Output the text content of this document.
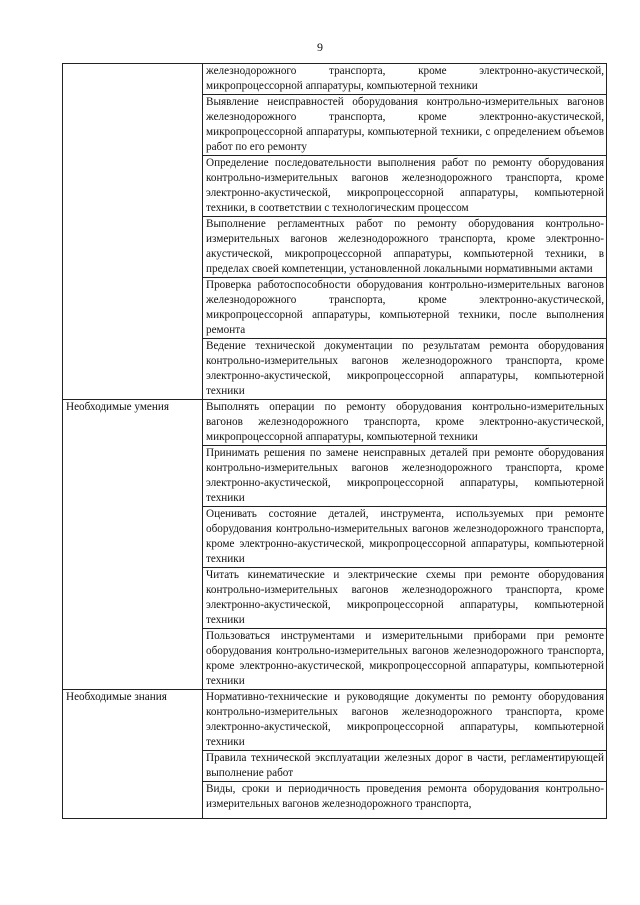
9
	железнодорожного транспорта, кроме электронно-акустической, микропроцессорной аппаратуры, компьютерной техники
	Выявление неисправностей оборудования контрольно-измерительных вагонов железнодорожного транспорта, кроме электронно-акустической, микропроцессорной аппаратуры, компьютерной техники, с определением объемов работ по его ремонту
	Определение последовательности выполнения работ по ремонту оборудования контрольно-измерительных вагонов железнодорожного транспорта, кроме электронно-акустической, микропроцессорной аппаратуры, компьютерной техники, в соответствии с технологическим процессом
	Выполнение регламентных работ по ремонту оборудования контрольно-измерительных вагонов железнодорожного транспорта, кроме электронно-акустической, микропроцессорной аппаратуры, компьютерной техники, в пределах своей компетенции, установленной локальными нормативными актами
	Проверка работоспособности оборудования контрольно-измерительных вагонов железнодорожного транспорта, кроме электронно-акустической, микропроцессорной аппаратуры, компьютерной техники, после выполнения ремонта
	Ведение технической документации по результатам ремонта оборудования контрольно-измерительных вагонов железнодорожного транспорта, кроме электронно-акустической, микропроцессорной аппаратуры, компьютерной техники
Необходимые умения	Выполнять операции по ремонту оборудования контрольно-измерительных вагонов железнодорожного транспорта, кроме электронно-акустической, микропроцессорной аппаратуры, компьютерной техники
	Принимать решения по замене неисправных деталей при ремонте оборудования контрольно-измерительных вагонов железнодорожного транспорта, кроме электронно-акустической, микропроцессорной аппаратуры, компьютерной техники
	Оценивать состояние деталей, инструмента, используемых при ремонте оборудования контрольно-измерительных вагонов железнодорожного транспорта, кроме электронно-акустической, микропроцессорной аппаратуры, компьютерной техники
	Читать кинематические и электрические схемы при ремонте оборудования контрольно-измерительных вагонов железнодорожного транспорта, кроме электронно-акустической, микропроцессорной аппаратуры, компьютерной техники
	Пользоваться инструментами и измерительными приборами при ремонте оборудования контрольно-измерительных вагонов железнодорожного транспорта, кроме электронно-акустической, микропроцессорной аппаратуры, компьютерной техники
Необходимые знания	Нормативно-технические и руководящие документы по ремонту оборудования контрольно-измерительных вагонов железнодорожного транспорта, кроме электронно-акустической, микропроцессорной аппаратуры, компьютерной техники
	Правила технической эксплуатации железных дорог в части, регламентирующей выполнение работ

	Виды, сроки и периодичность проведения ремонта оборудования контрольно-измерительных вагонов железнодорожного транспорта,
